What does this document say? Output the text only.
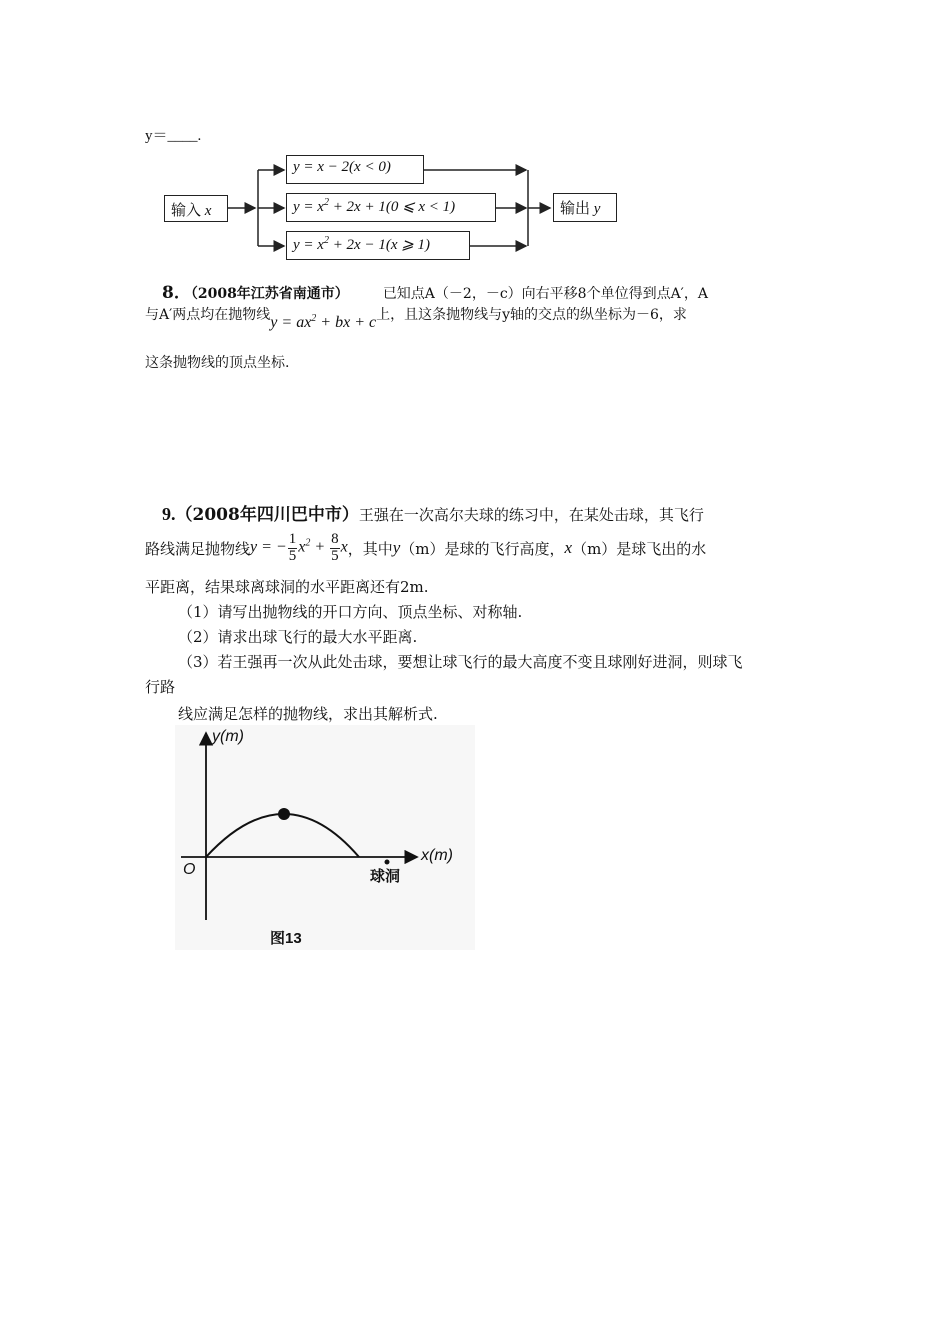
y＝____.
输入 x
y = x − 2(x < 0)
$y = x^2 + 2x + 1(0$ ⩽ x < 1)
$y = x^2 + 2x - 1(x$ ⩾ 1)
输出 y
8．（2008年江苏省南通市） 已知点A（－2，－c）向右平移8个单位得到点A′，A
与A′两点均在抛物线$y = ax^2$ + bx + c上，且这条抛物线与y轴的交点的纵坐标为－6，求
这条抛物线的顶点坐标.
9.（2008年四川巴中市）王强在一次高尔夫球的练习中，在某处击球，其飞行
路线满足抛物线 y = − $\frac{1}{5} x^2 + \frac{8}{5}$ x ，其中 y （m）是球的飞行高度， x （m）是球飞出的水
平距离，结果球离球洞的水平距离还有2m.
（1）请写出抛物线的开口方向、顶点坐标、对称轴.
（2）请求出球飞行的最大水平距离.
（3）若王强再一次从此处击球，要想让球飞行的最大高度不变且球刚好进洞，则球飞
行路
线应满足怎样的抛物线，求出其解析式.
y(m)
x(m)
O	球洞
图13
